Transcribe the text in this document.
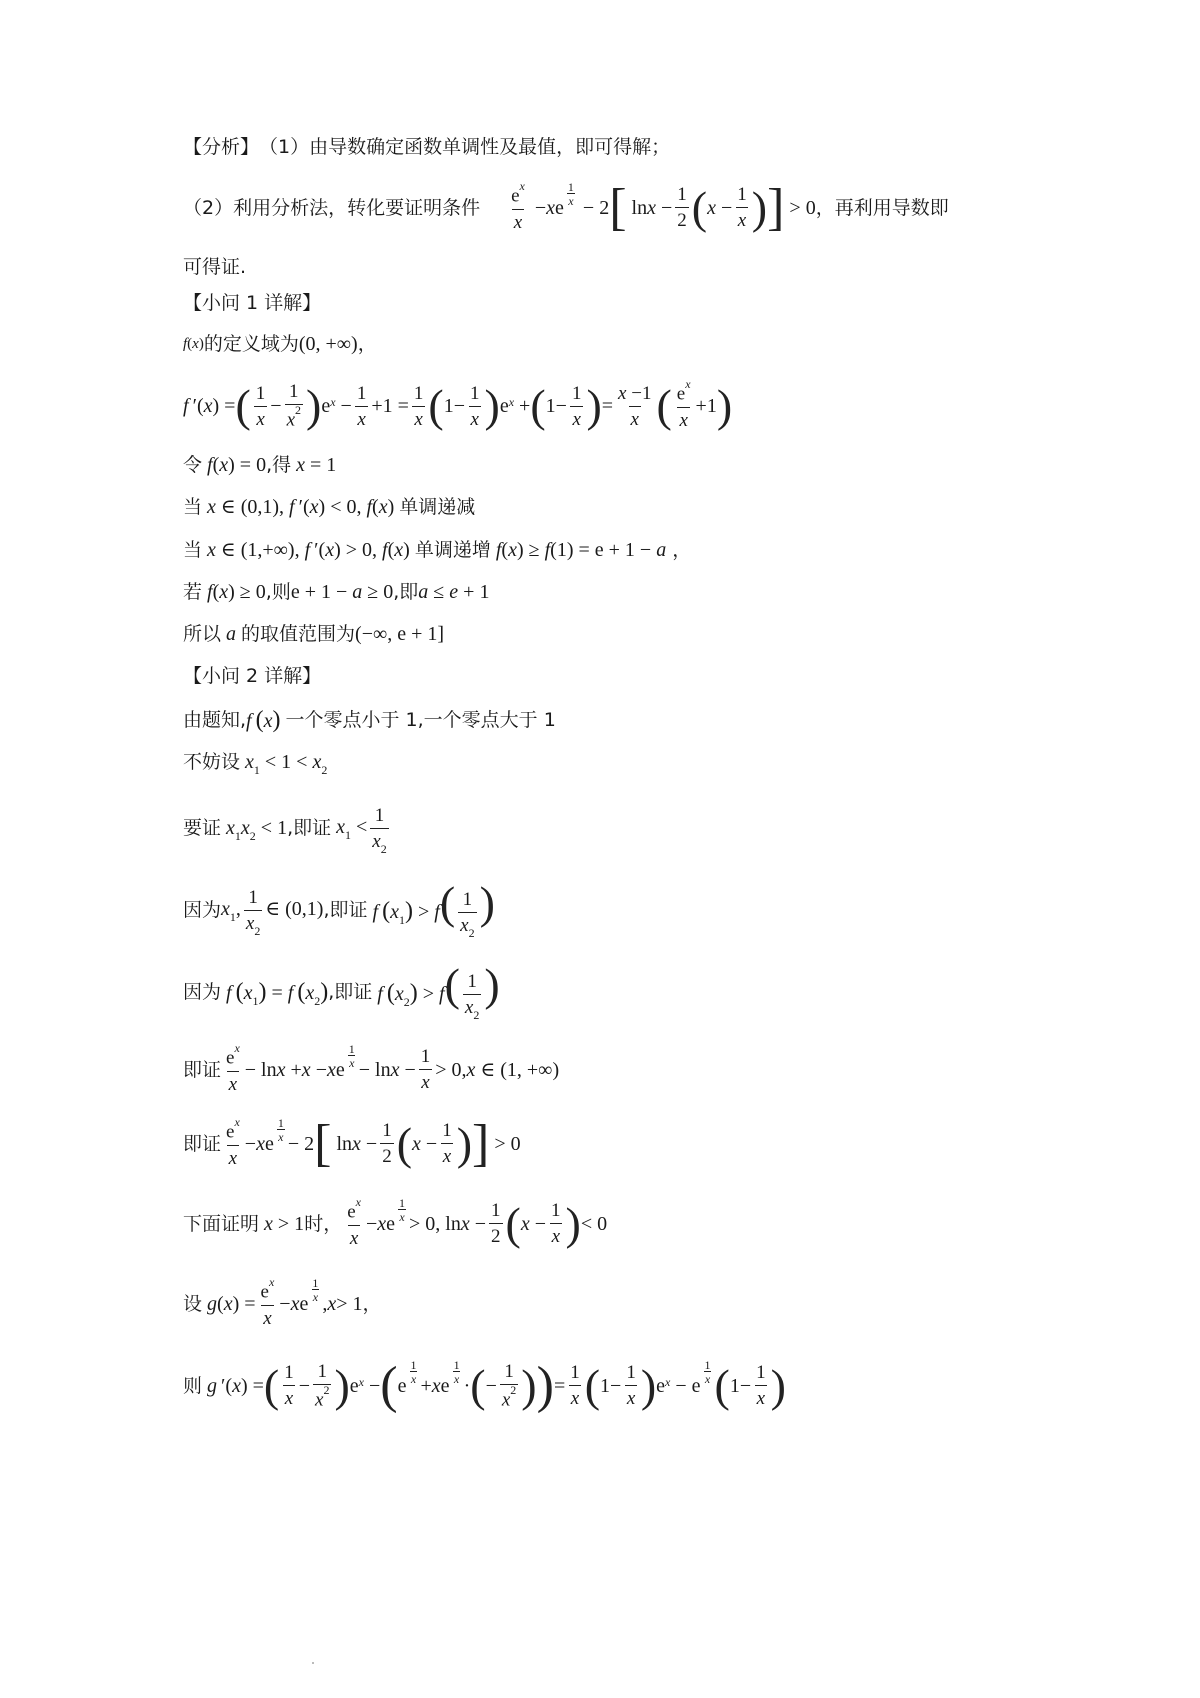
【分析】 （1）由导数确定函数单调性及最值，即可得解；
（2）利用分析法，转化要证明条件
$e^x$
x
− x e
1
x − 2 [ ln x −
1
2 ( x −
1
x ) ] > 0 ，再利用导数即
可得证.
【小问 1 详解】
f(x) 的定义域为 (0, +∞) ，
f  ′( x ) = ( 1
x
−
1
$x^2$ ) e x −
1
x
+1 =
1
x ( 1−
1
x ) e x + ( 1−
1
x ) =
x −1
x ( $e^x$
x
+1 )
令 f(x) = 0 ,得 x = 1
当 x ∈ (0,1), f ′(x) < 0, f(x) 单调递减
当 x ∈ (1,+∞), f ′(x) > 0, f(x) 单调递增 f(x) ≥ f(1) = e + 1 − a ，
若 f(x) ≥ 0 ,则 e + 1 − a ≥ 0 ,即 a ≤ e + 1
所以 a 的取值范围为 (−∞, e + 1]
【小问 2 详解】
由题知, f  (x) 一个零点小于 1,一个零点大于 1
不妨设 $x_1 < 1 < x_2$
要证 $x_1x_2 < 1$ ,即证 $x_1 < \frac{1}{x_2}$
因为 $x_1$, $\frac{1}{x_2}$ ∈ (0,1) ,即证 f  $(x_1) > f( \frac{1}{x_2}$ )
因为 f  $(x_1) = f$  $(x_2)$ ,即证 f  $(x_2) > f( \frac{1}{x_2}$ )
即证
$e^x$
x
− ln x + x − x e
1
x − ln x −
1
x
> 0, x ∈ (1, +∞)
即证
$e^x$
x
− x e
1
x − 2 [ ln x −
1
2 ( x −
1
x ) ] > 0
下面证明 x > 1 时，
$e^x$
x
− x e
1
x > 0, ln x −
1
2 ( x −
1
x ) < 0
设
g ( x ) =
$e^x$
x
− x e
1
x , x > 1 ，
则
g  ′( x ) = ( 1
x
−
1
$x^2$ ) e x − ( e
1
x + x e
1
x · ( −
1
$x^2$ ) ) =
1
x ( 1−
1
x ) e x − e
1
x ( 1−
1
x )
